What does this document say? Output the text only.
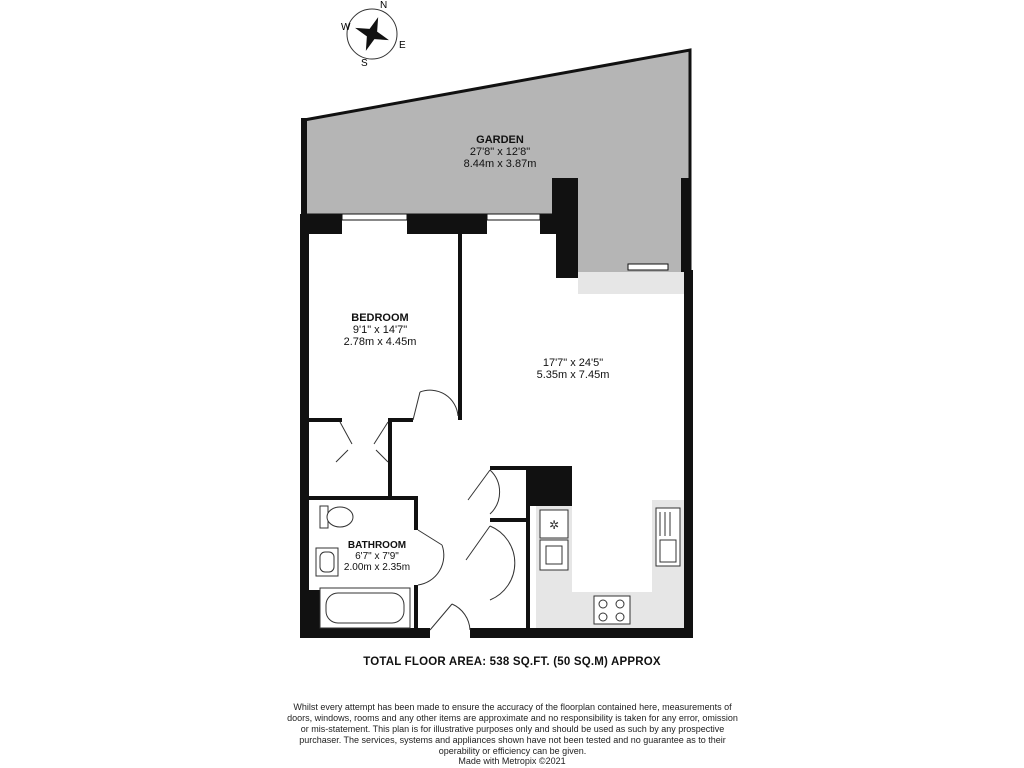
N
E
S
W
✲
GARDEN
27'8" x 12'8"
8.44m x 3.87m
BEDROOM
9'1" x 14'7"
2.78m x 4.45m
17'7" x 24'5"
5.35m x 7.45m
BATHROOM
6'7" x 7'9"
2.00m x 2.35m
TOTAL FLOOR AREA: 538 SQ.FT. (50 SQ.M) APPROX
Whilst every attempt has been made to ensure the accuracy of the floorplan contained here, measurements of doors, windows, rooms and any other items are approximate and no responsibility is taken for any error, omission or mis-statement. This plan is for illustrative purposes only and should be used as such by any prospective purchaser. The services, systems and appliances shown have not been tested and no guarantee as to their operability or efficiency can be given.
Made with Metropix ©2021
